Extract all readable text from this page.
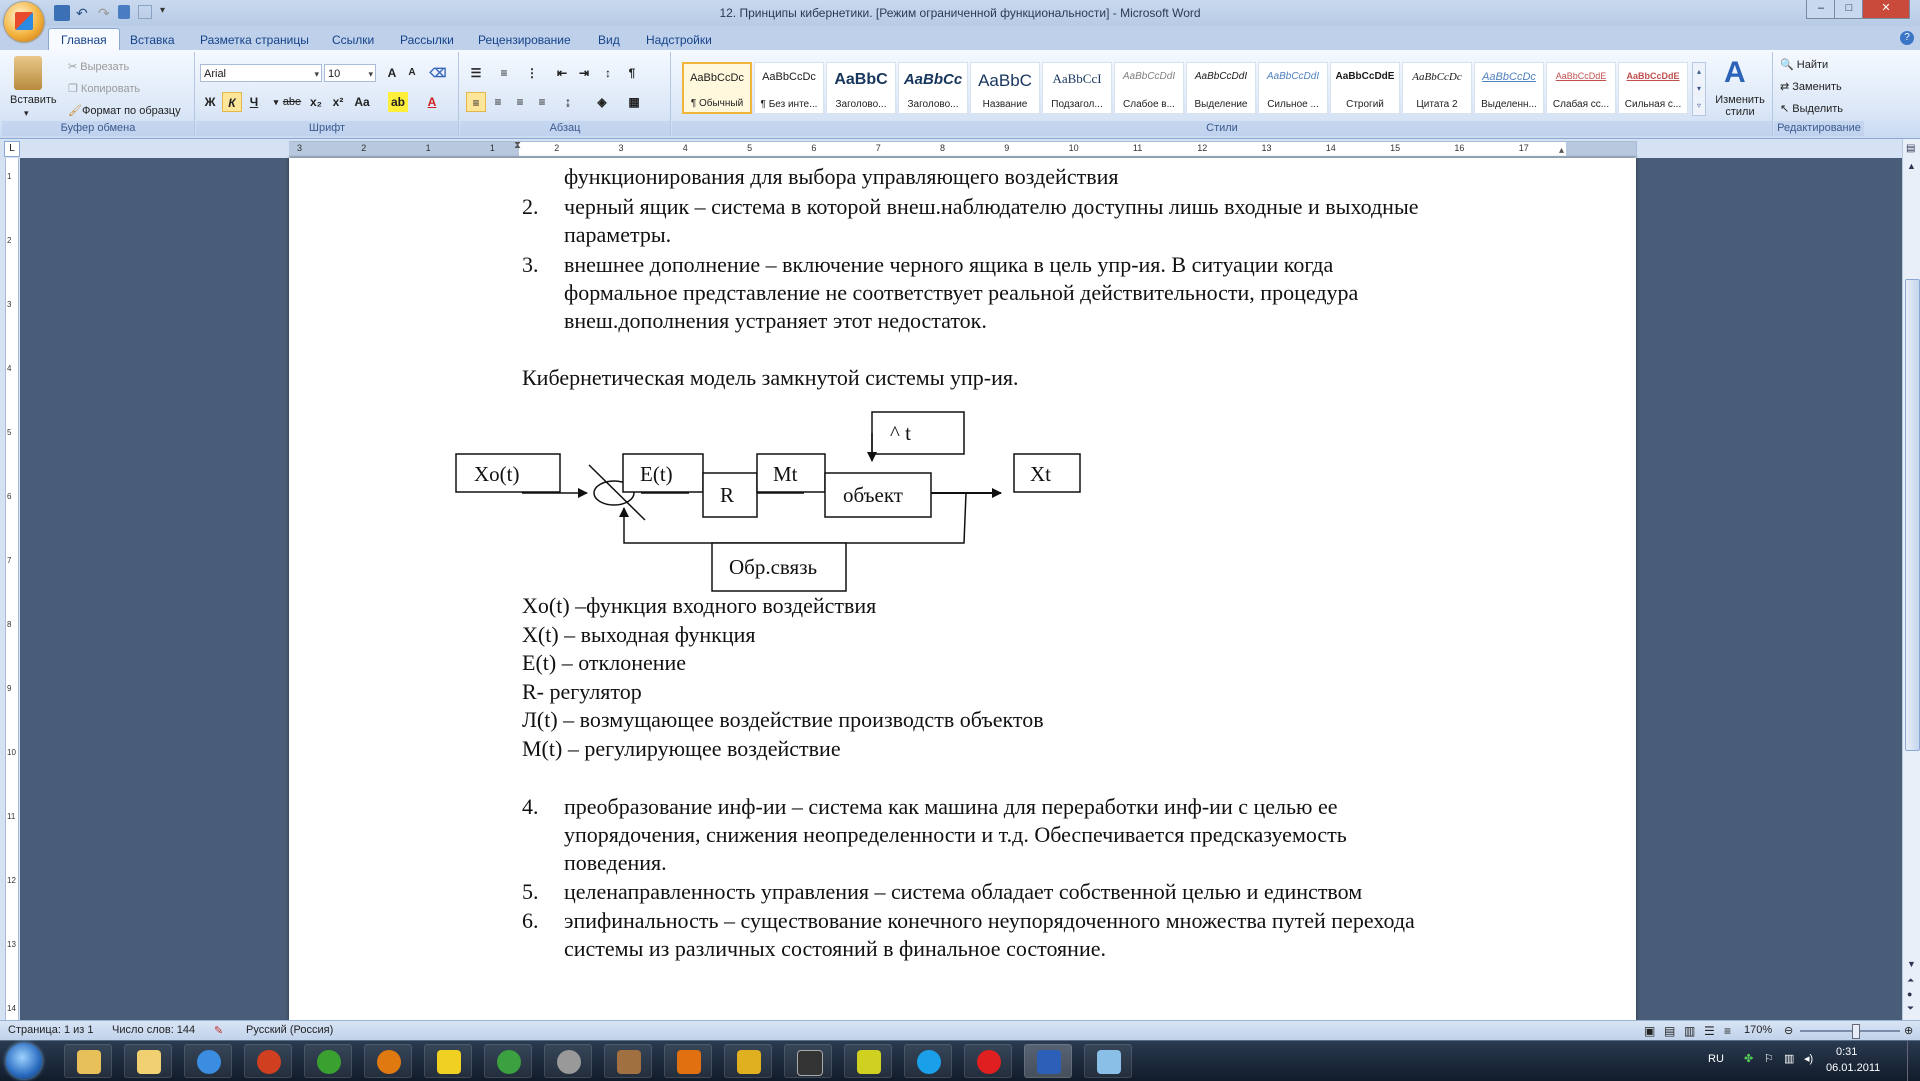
↶ ↷	▾	12. Принципы кибернетики. [Режим ограниченной функциональности] - Microsoft Word	–	□	✕
Главная	Вставка Разметка страницы Ссылки Рассылки Рецензирование Вид Надстройки	?
Вставить
▾
✂ Вырезать
❐ Копировать
🖌Формат по образцу
Буфер обмена
Arial ▾	10 ▾	A	A	⌫
Ж	К	Ч	▾ abe x₂ x² Aa ab	A
Шрифт
☰	≡	⋮	⇤ ⇥	↕	¶
≡	≡	≡	≡	↨	◈	▦
Абзац
AaBbCcDc
¶ Обычный
AaBbCcDc
¶ Без инте...
AaBbC
Заголово...
AaBbCc
Заголово...
AaBbC
Название
AaBbCcI
Подзагол...
AaBbCcDdI
Слабое в...
AaBbCcDdI
Выделение
AaBbCcDdI
Сильное ...
AaBbCcDdE
Строгий
AaBbCcDc
Цитата 2
AaBbCcDc
Выделенн...
AaBbCcDdE
Слабая сс...
AaBbCcDdE
Сильная с...
▴
▾
▿
A
Изменить стили
Стили
🔍 Найти
⇄ Заменить
↖ Выделить
Редактирование
L	3	2	1	1	2	3	4	5	6	7	8	9	10	11	12	13	14	15	16	17
⧗	▴
1
2
3
4
5
6
7
8
9
10
11
12
13
14
функционирования для выбора управляющего воздействия
2. черный ящик – система в которой внеш.наблюдателю доступны лишь входные и выходные
параметры.
3. внешнее дополнение – включение черного ящика в цель упр-ия. В ситуации когда
формальное представление не соответствует реальной действительности, процедура
внеш.дополнения устраняет этот недостаток.
Кибернетическая модель замкнутой системы упр-ия.
^ t
Xo(t)	E(t)
R
Mt
объект
Xt
Обр.связь
Xo(t) –функция входного воздействия
X(t) – выходная функция
E(t) – отклонение
R- регулятор
Л(t) – возмущающее воздействие производств объектов
M(t) – регулирующее воздействие
4. преобразование инф-ии – система как машина для переработки инф-ии с целью ее
упорядочения, снижения неопределенности и т.д. Обеспечивается предсказуемость
поведения.
5. целенаправленность управления – система обладает собственной целью и единством
6. эпифинальность – существование конечного неупорядоченного множества путей перехода
системы из различных состояний в финальное состояние.
▤
▲
▼
⏶
●
⏷
Страница: 1 из 1 Число слов: 144 ✎ Русский (Россия)	▣ ▤ ▥ ☰ ≡ 170% ⊖	⊕
RU ✤ ⚐ ▥ ◂)
0:31
06.01.2011
